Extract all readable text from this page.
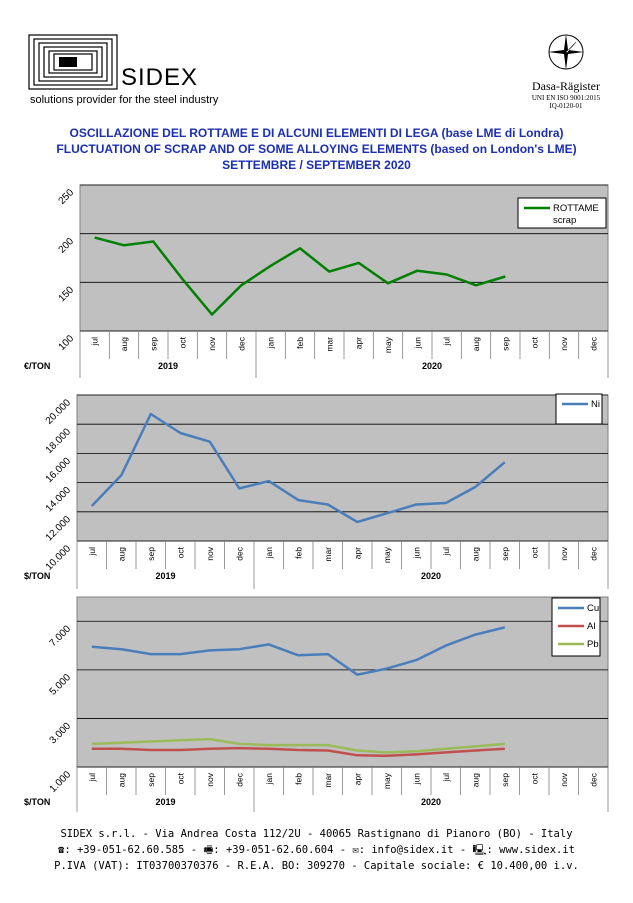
SIDEX
solutions provider for the steel industry
Dasa-Rägister
UNI EN ISO 9001:2015
IQ-0120-01
OSCILLAZIONE DEL ROTTAME E DI ALCUNI ELEMENTI DI LEGA (base LME di Londra)
FLUCTUATION OF SCRAP AND OF SOME ALLOYING ELEMENTS (based on London's LME)
SETTEMBRE / SEPTEMBER 2020
100
150
200
250
jul aug sep oct nov dec jan feb mar apr may jun jul aug sep oct nov dec
2019	2020
€/TON
ROTTAME
scrap
10.000
12.000
14.000
16.000
18.000
20.000
jul aug sep oct nov dec jan feb mar apr may jun jul aug sep oct nov dec
2019	2020
$/TON
Ni
1.000
3.000
5.000
7.000
jul aug sep oct nov dec jan feb mar apr may jun jul aug sep oct nov dec
2019	2020
$/TON
Cu
Al
Pb
SIDEX s.r.l. - Via Andrea Costa 112/2U - 40065 Rastignano di Pianoro (BO) - Italy
☎: +39-051-62.60.585 - 🖷: +39-051-62.60.604 - ✉: info@sidex.it - 🖳: www.sidex.it
P.IVA (VAT): IT03700370376 - R.E.A. BO: 309270 - Capitale sociale: € 10.400,00 i.v.
